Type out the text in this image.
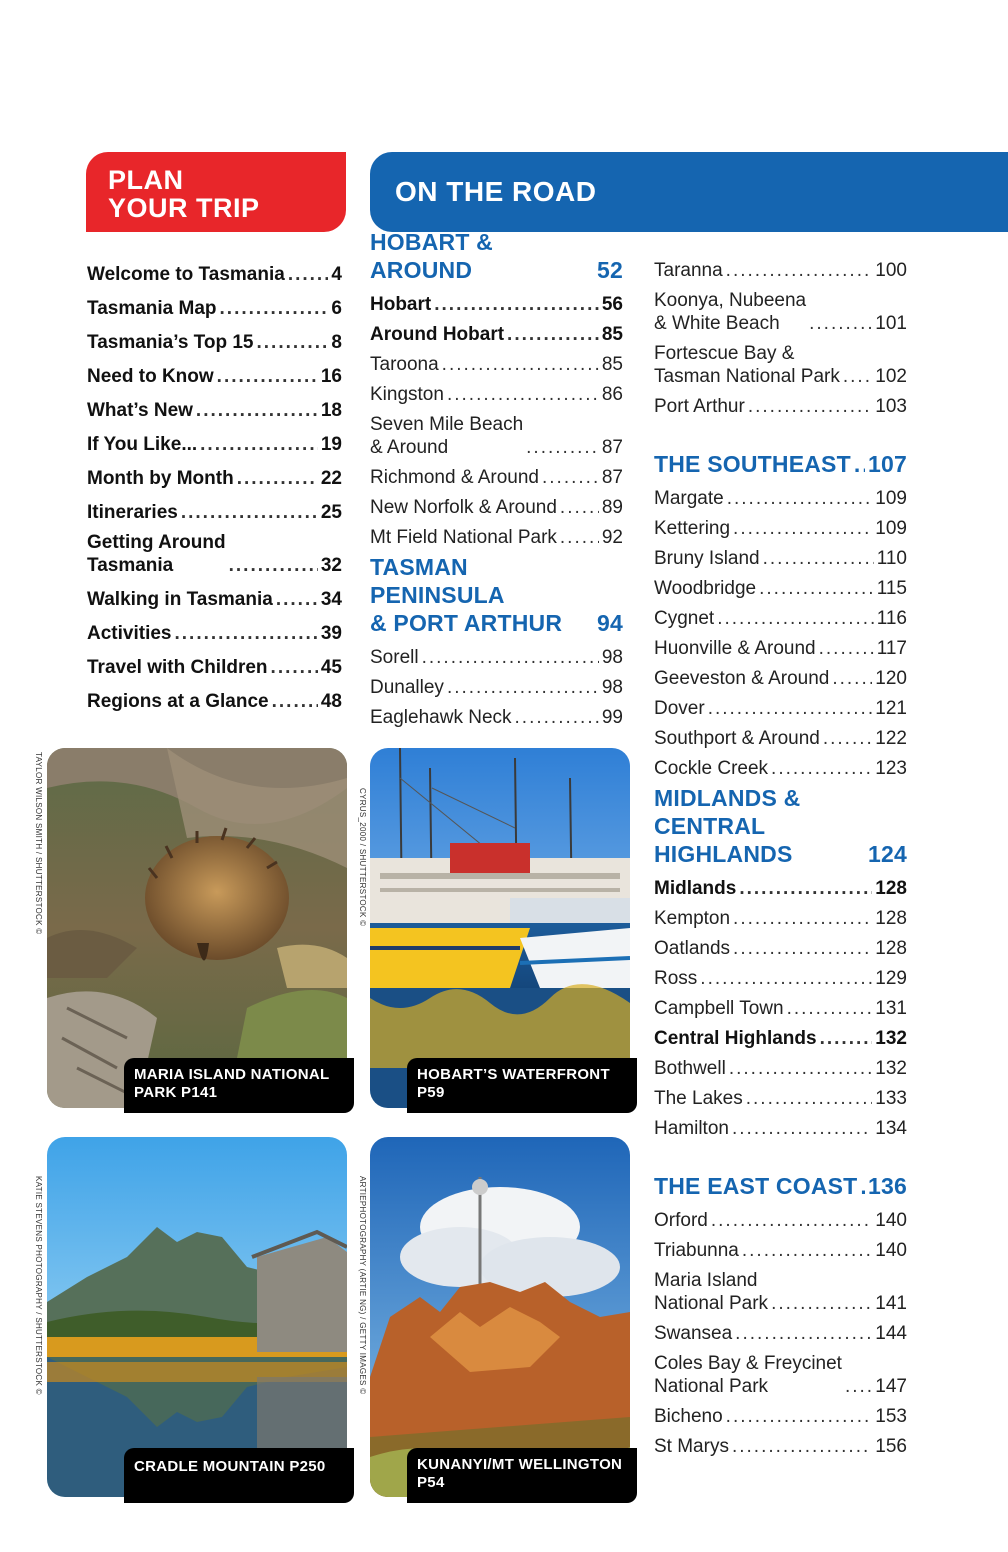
PLAN
YOUR TRIP
ON THE ROAD
Welcome to Tasmania ..... 4
Tasmania Map .....	6
Tasmania’s Top 15 .....	8
Need to Know .....	16
What’s New .....	18
If You Like... .....	19
Month by Month .....	22
Itineraries .....	25
Getting Around
Tasmania .....	32
Walking in Tasmania .....	34
Activities .....	39
Travel with Children .....	45
Regions at a Glance .....	48
HOBART & AROUND	52
Hobart .....	56
Around Hobart .....	85
Taroona .....	85
Kingston .....	86
Seven Mile Beach
& Around .....	87
Richmond & Around .....	87
New Norfolk & Around ..... 89
Mt Field National Park ..... 92
TASMAN PENINSULA
& PORT ARTHUR	94
Sorell .....	98
Dunalley .....	98
Eaglehawk Neck .....	99
Taranna .....	100
Koonya, Nubeena
& White Beach .....	101
Fortescue Bay &
Tasman National Park ..... 102
Port Arthur .....	103
THE SOUTHEAST ..... 107
Margate .....	109
Kettering .....	109
Bruny Island .....	110
Woodbridge .....	115
Cygnet .....	116
Huonville & Around .....	117
Geeveston & Around ..... 120
Dover .....	121
Southport & Around .....	122
Cockle Creek .....	123
MIDLANDS & CENTRAL
HIGHLANDS	124
Midlands .....	128
Kempton .....	128
Oatlands .....	128
Ross .....	129
Campbell Town .....	131
Central Highlands .....	132
Bothwell .....	132
The Lakes .....	133
Hamilton .....	134
THE EAST COAST ..... 136
Orford .....	140
Triabunna .....	140
Maria Island
National Park .....	141
Swansea .....	144
Coles Bay & Freycinet
National Park .....	147
Bicheno .....	153
St Marys .....	156
TAYLOR WILSON SMITH / SHUTTERSTOCK ©
MARIA ISLAND NATIONAL
PARK P141
CYRUS_2000 / SHUTTERSTOCK ©
HOBART’S WATERFRONT
P59
KATIE STEVENS PHOTOGRAPHY / SHUTTERSTOCK ©
CRADLE MOUNTAIN P250
ARTIEPHOTOGRAPHY (ARTIE NG) / GETTY IMAGES ©
KUNANYI/MT WELLINGTON
P54
